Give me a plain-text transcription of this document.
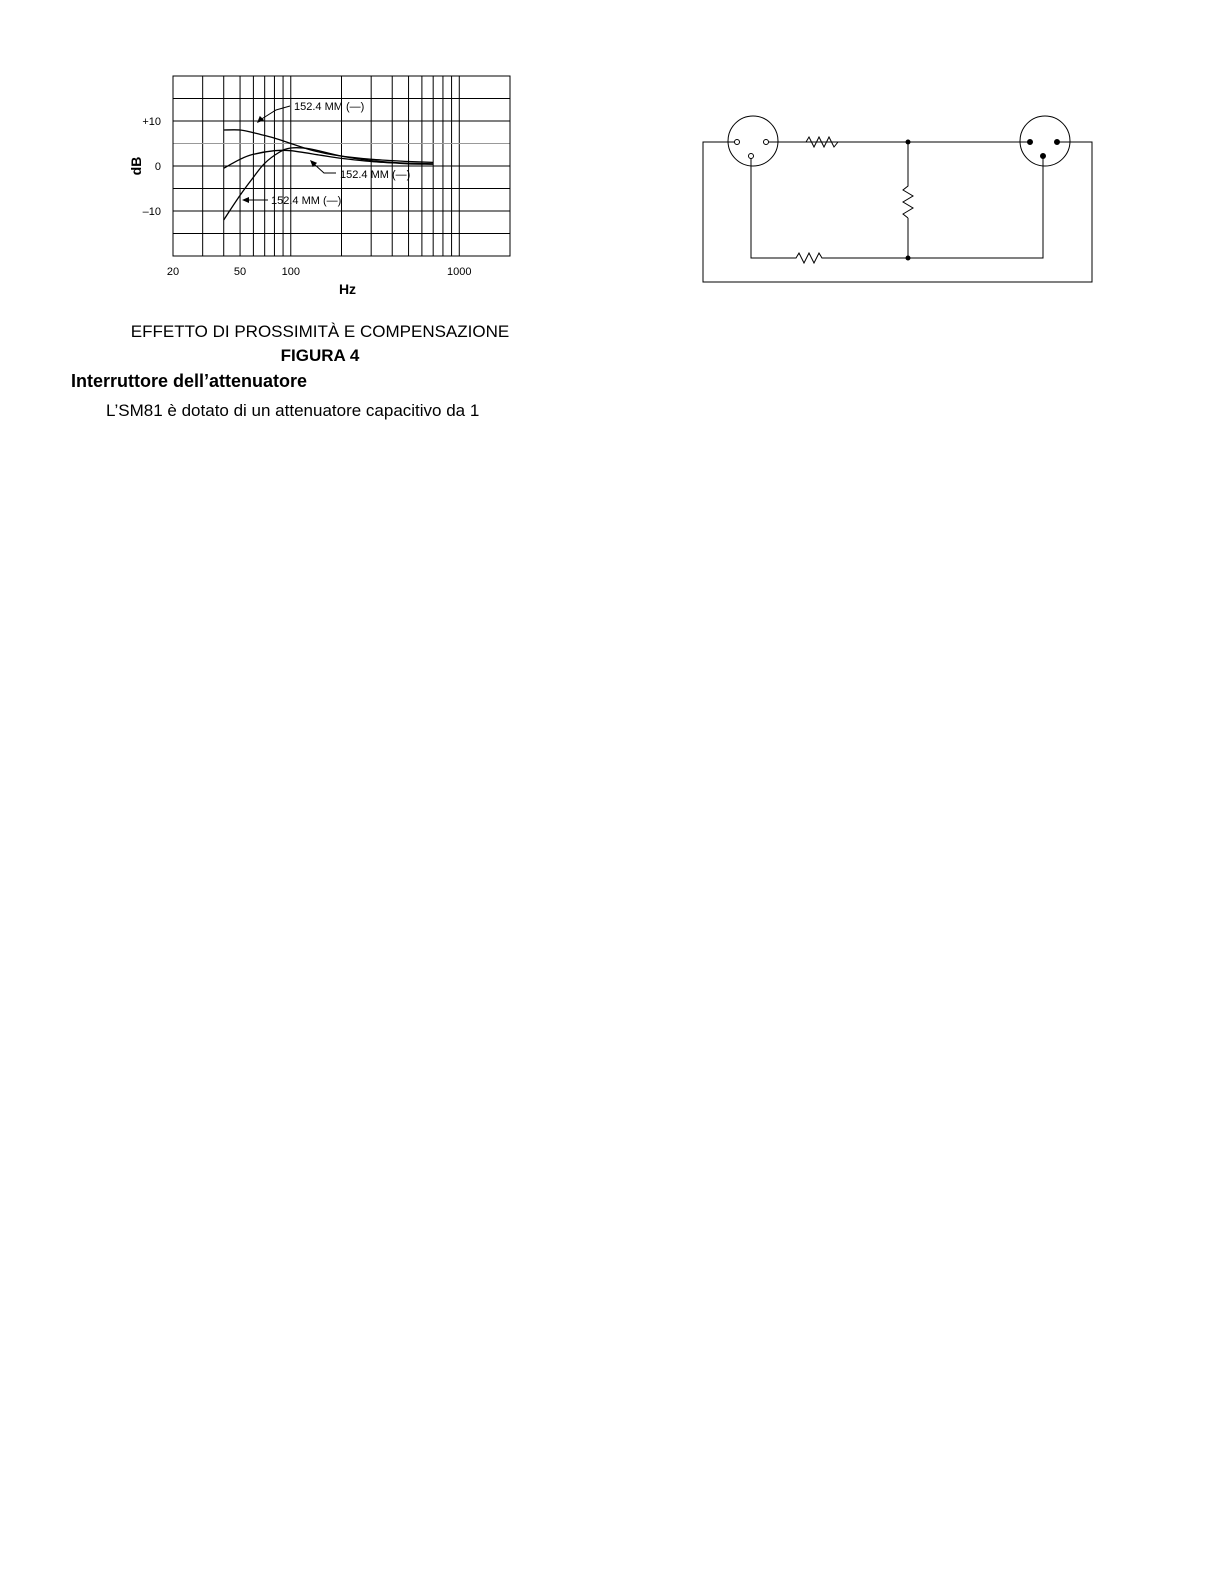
20	50	100	1000
+10
0
–10
152.4 MM (—)
152.4 MM (—)
152.4 MM (—)
Hz
dB
EFFETTO DI PROSSIMITÀ E COMPENSAZIONE
FIGURA 4
Interruttore dell’attenuatore
L’SM81 è dotato di un attenuatore capacitivo da 1
